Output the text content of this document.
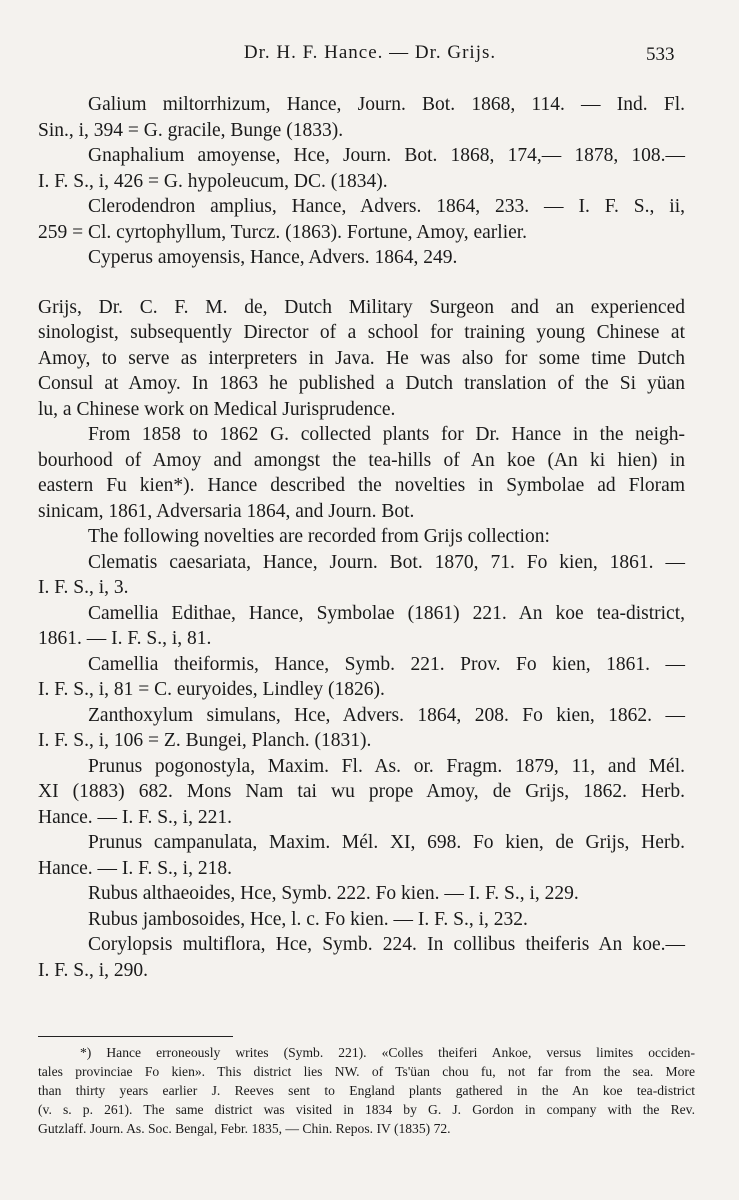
Dr. H. F. Hance. — Dr. Grijs.	533
Galium miltorrhizum, Hance, Journ. Bot. 1868, 114. — Ind. Fl.
Sin., i, 394 = G. gracile, Bunge (1833).
Gnaphalium amoyense, Hce, Journ. Bot. 1868, 174,— 1878, 108.—
I. F. S., i, 426 = G. hypoleucum, DC. (1834).
Clerodendron amplius, Hance, Advers. 1864, 233. — I. F. S., ii,
259 = Cl. cyrtophyllum, Turcz. (1863). Fortune, Amoy, earlier.
Cyperus amoyensis, Hance, Advers. 1864, 249.
Grijs, Dr. C. F. M. de, Dutch Military Surgeon and an experienced
sinologist, subsequently Director of a school for training young Chinese at
Amoy, to serve as interpreters in Java. He was also for some time Dutch
Consul at Amoy. In 1863 he published a Dutch translation of the Si yüan
lu, a Chinese work on Medical Jurisprudence.
From 1858 to 1862 G. collected plants for Dr. Hance in the neigh-
bourhood of Amoy and amongst the tea-hills of An koe (An ki hien) in
eastern Fu kien*). Hance described the novelties in Symbolae ad Floram
sinicam, 1861, Adversaria 1864, and Journ. Bot.
The following novelties are recorded from Grijs collection:
Clematis caesariata, Hance, Journ. Bot. 1870, 71. Fo kien, 1861. —
I. F. S., i, 3.
Camellia Edithae, Hance, Symbolae (1861) 221. An koe tea-district,
1861. — I. F. S., i, 81.
Camellia theiformis, Hance, Symb. 221. Prov. Fo kien, 1861. —
I. F. S., i, 81 = C. euryoides, Lindley (1826).
Zanthoxylum simulans, Hce, Advers. 1864, 208. Fo kien, 1862. —
I. F. S., i, 106 = Z. Bungei, Planch. (1831).
Prunus pogonostyla, Maxim. Fl. As. or. Fragm. 1879, 11, and Mél.
XI (1883) 682. Mons Nam tai wu prope Amoy, de Grijs, 1862. Herb.
Hance. — I. F. S., i, 221.
Prunus campanulata, Maxim. Mél. XI, 698. Fo kien, de Grijs, Herb.
Hance. — I. F. S., i, 218.
Rubus althaeoides, Hce, Symb. 222. Fo kien. — I. F. S., i, 229.
Rubus jambosoides, Hce, l. c. Fo kien. — I. F. S., i, 232.
Corylopsis multiflora, Hce, Symb. 224. In collibus theiferis An koe.—
I. F. S., i, 290.
*) Hance erroneously writes (Symb. 221). «Colles theiferi Ankoe, versus limites occiden-
tales provinciae Fo kien». This district lies NW. of Ts'üan chou fu, not far from the sea. More
than thirty years earlier J. Reeves sent to England plants gathered in the An koe tea-district
(v. s. p. 261). The same district was visited in 1834 by G. J. Gordon in company with the Rev.
Gutzlaff. Journ. As. Soc. Bengal, Febr. 1835, — Chin. Repos. IV (1835) 72.
